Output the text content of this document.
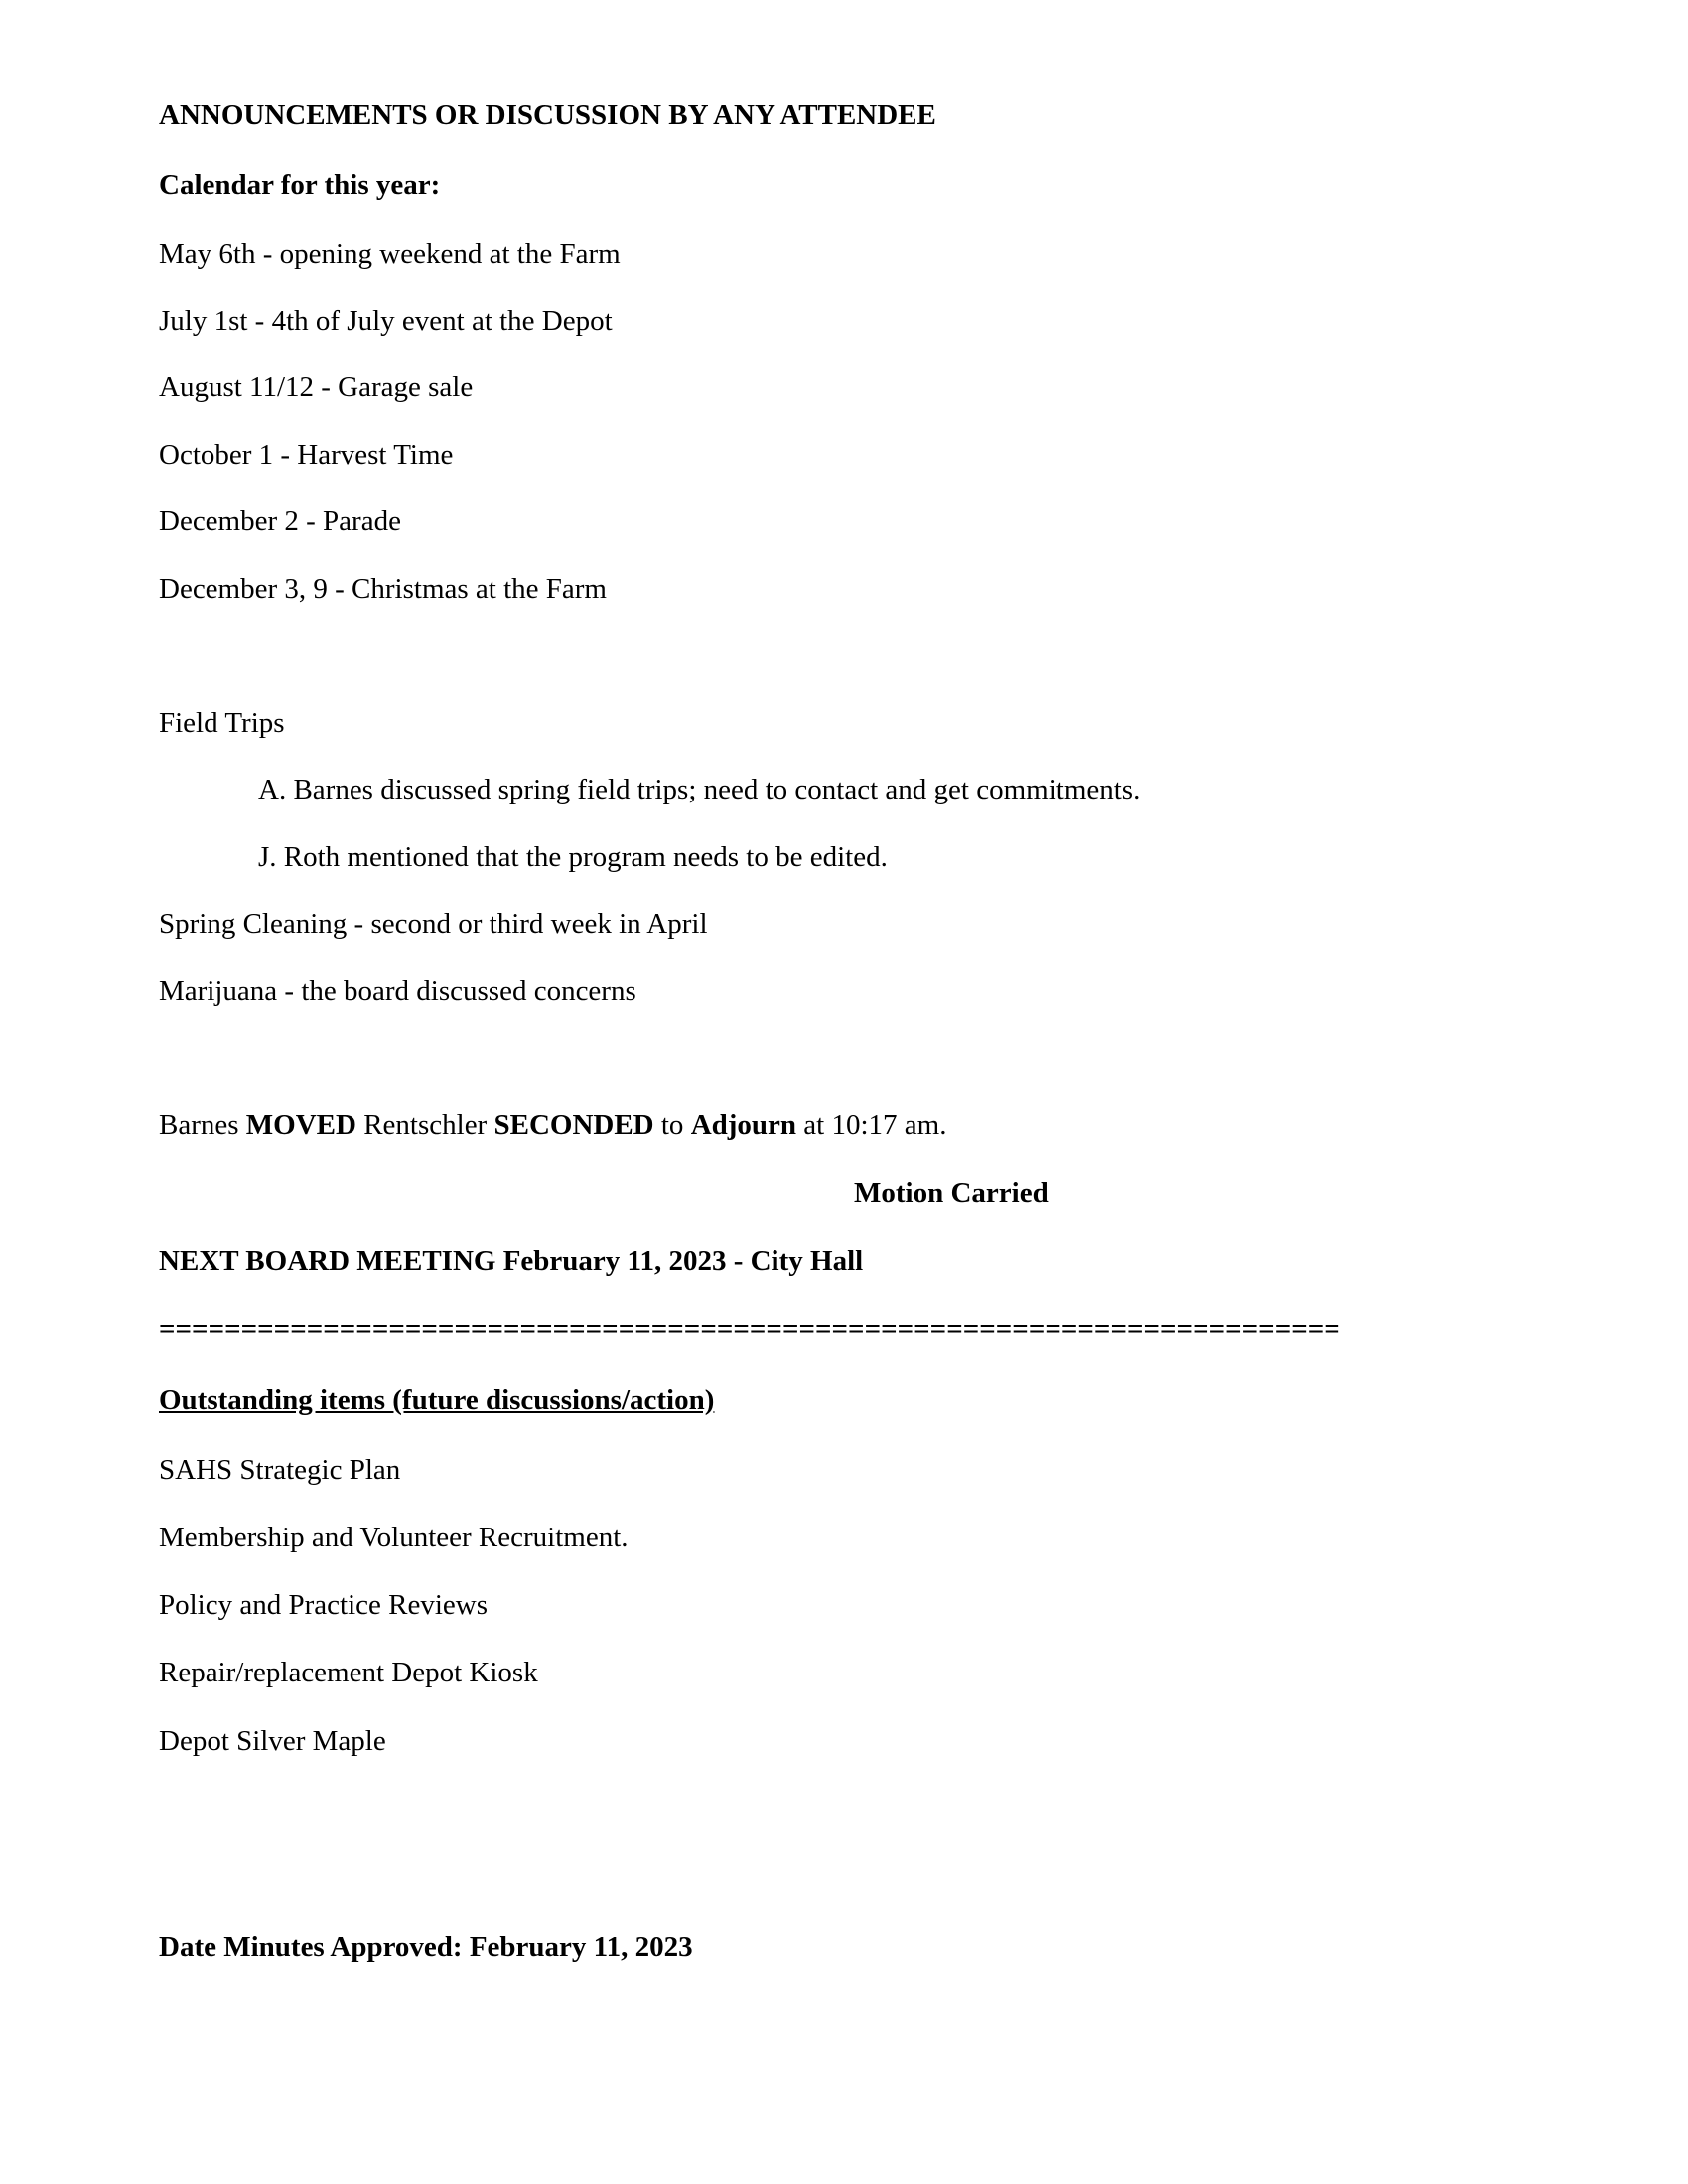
ANNOUNCEMENTS OR DISCUSSION BY ANY ATTENDEE
Calendar for this year:
May 6th - opening weekend at the Farm
July 1st - 4th of July event at the Depot
August 11/12 - Garage sale
October 1 - Harvest Time
December 2 - Parade
December 3, 9 - Christmas at the Farm
Field Trips
A. Barnes discussed spring field trips; need to contact and get commitments.
J. Roth mentioned that the program needs to be edited.
Spring Cleaning - second or third week in April
Marijuana - the board discussed concerns
Barnes MOVED Rentschler SECONDED to Adjourn at 10:17 am.
Motion Carried
NEXT BOARD MEETING February 11, 2023 - City Hall
========================================================================
Outstanding items (future discussions/action)
SAHS Strategic Plan
Membership and Volunteer Recruitment.
Policy and Practice Reviews
Repair/replacement Depot Kiosk
Depot Silver Maple
Date Minutes Approved: February 11, 2023
